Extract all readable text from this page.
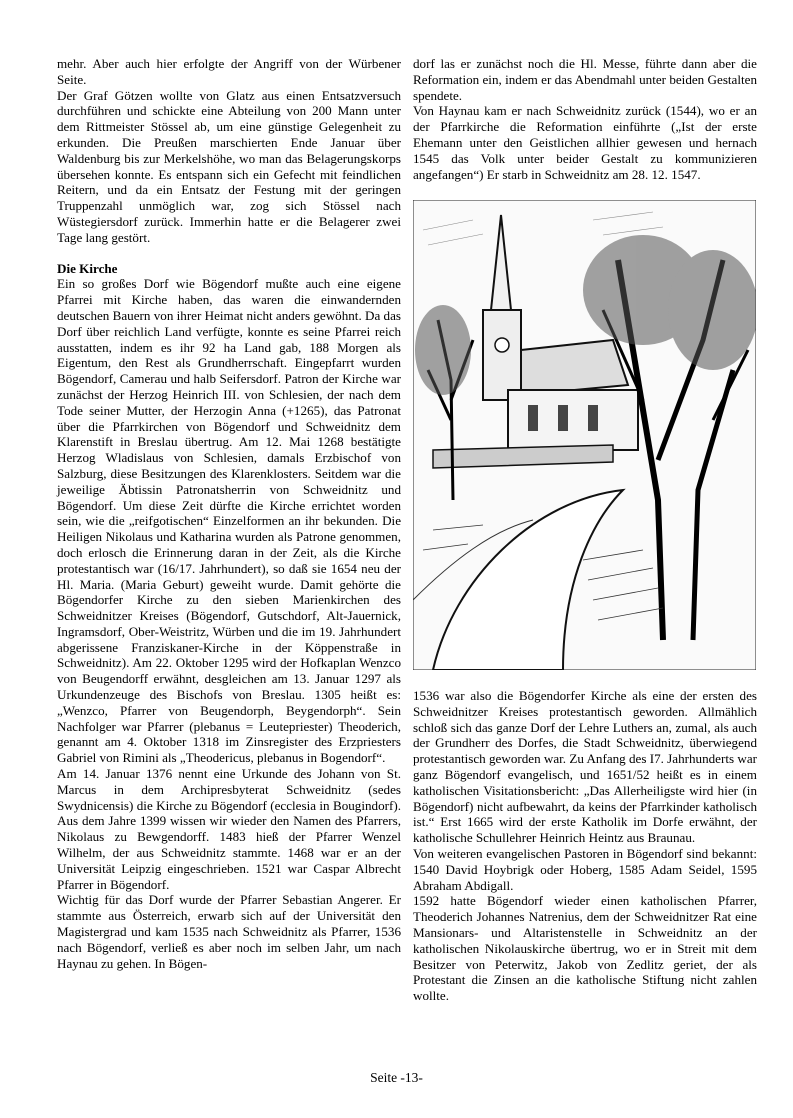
mehr. Aber auch hier erfolgte der Angriff von der Würbener Seite.

Der Graf Götzen wollte von Glatz aus einen Entsatzversuch durchführen und schickte eine Abteilung von 200 Mann unter dem Rittmeister Stössel ab, um eine günstige Gelegenheit zu erkunden. Die Preußen marschierten Ende Januar über Waldenburg bis zur Merkelshöhe, wo man das Belagerungskorps übersehen konnte. Es entspann sich ein Gefecht mit feindlichen Reitern, und da ein Entsatz der Festung mit der geringen Truppenzahl unmöglich war, zog sich Stössel nach Wüstegiersdorf zurück. Immerhin hatte er die Belagerer zwei Tage lang gestört.

Die Kirche

Ein so großes Dorf wie Bögendorf mußte auch eine eigene Pfarrei mit Kirche haben, das waren die einwandernden deutschen Bauern von ihrer Heimat nicht anders gewöhnt. Da das Dorf über reichlich Land verfügte, konnte es seine Pfarrei reich ausstatten, indem es ihr 92 ha Land gab, 188 Morgen als Eigentum, den Rest als Grundherrschaft. Eingepfarrt wurden Bögendorf, Camerau und halb Seifersdorf. Patron der Kirche war zunächst der Herzog Heinrich III. von Schlesien, der nach dem Tode seiner Mutter, der Herzogin Anna (+1265), das Patronat über die Pfarrkirchen von Bögendorf und Schweidnitz dem Klarenstift in Breslau übertrug. Am 12. Mai 1268 bestätigte Herzog Wladislaus von Schlesien, damals Erzbischof von Salzburg, diese Besitzungen des Klarenklosters. Seitdem war die jeweilige Äbtissin Patronatsherrin von Schweidnitz und Bögendorf. Um diese Zeit dürfte die Kirche errichtet worden sein, wie die „reifgotischen“ Einzelformen an ihr bekunden. Die Heiligen Nikolaus und Katharina wurden als Patrone genommen, doch erlosch die Erinnerung daran in der Zeit, als die Kirche protestantisch war (16/17. Jahrhundert), so daß sie 1654 neu der Hl. Maria. (Maria Geburt) geweiht wurde. Damit gehörte die Bögendorfer Kirche zu den sieben Marienkirchen des Schweidnitzer Kreises (Bögendorf, Gutschdorf, Alt-Jauernick, Ingramsdorf, Ober-Weistritz, Würben und die im 19. Jahrhundert abgerissene Franziskaner-Kirche in der Köppenstraße in Schweidnitz). Am 22. Oktober 1295 wird der Hofkaplan Wenzco von Beugendorff erwähnt, desgleichen am 13. Januar 1297 als Urkundenzeuge des Bischofs von Breslau. 1305 heißt es: „Wenzco, Pfarrer von Beugendorph, Beygendorph“. Sein Nachfolger war Pfarrer (plebanus = Leutepriester) Theoderich, genannt am 4. Oktober 1318 im Zinsregister des Erzpriesters Gabriel von Rimini als „Theodericus, plebanus in Bogendorf“.

Am 14. Januar 1376 nennt eine Urkunde des Johann von St. Marcus in dem Archipresbyterat Schweidnitz (sedes Swydnicensis) die Kirche zu Bögendorf (ecclesia in Bougindorf). Aus dem Jahre 1399 wissen wir wieder den Namen des Pfarrers, Nikolaus zu Bewgendorff. 1483 hieß der Pfarrer Wenzel Wilhelm, der aus Schweidnitz stammte. 1468 war er an der Universität Leipzig eingeschrieben. 1521 war Caspar Albrecht Pfarrer in Bögendorf.

Wichtig für das Dorf wurde der Pfarrer Sebastian Angerer. Er stammte aus Österreich, erwarb sich auf der Universität den Magistergrad und kam 1535 nach Schweidnitz als Pfarrer, 1536 nach Bögendorf, verließ es aber noch im selben Jahr, um nach Haynau zu gehen. In Bögen-

dorf las er zunächst noch die Hl. Messe, führte dann aber die Reformation ein, indem er das Abendmahl unter beiden Gestalten spendete.

Von Haynau kam er nach Schweidnitz zurück (1544), wo er an der Pfarrkirche die Reformation einführte („Ist der erste Ehemann unter den Geistlichen allhier gewesen und hernach 1545 das Volk unter beider Gestalt zu kommunizieren angefangen“) Er starb in Schweidnitz am 28. 12. 1547.

1536 war also die Bögendorfer Kirche als eine der ersten des Schweidnitzer Kreises protestantisch geworden. Allmählich schloß sich das ganze Dorf der Lehre Luthers an, zumal, als auch der Grundherr des Dorfes, die Stadt Schweidnitz, überwiegend protestantisch geworden war. Zu Anfang des I7. Jahrhunderts war ganz Bögendorf evangelisch, und 1651/52 heißt es in einem katholischen Visitationsbericht: „Das Allerheiligste wird hier (in Bögendorf) nicht aufbewahrt, da keins der Pfarrkinder katholisch ist.“ Erst 1665 wird der erste Katholik im Dorfe erwähnt, der katholische Schullehrer Heinrich Heintz aus Braunau.

Von weiteren evangelischen Pastoren in Bögendorf sind bekannt: 1540 David Hoybrigk oder Hoberg, 1585 Adam Seidel, 1595 Abraham Abdigall.

1592 hatte Bögendorf wieder einen katholischen Pfarrer, Theoderich Johannes Natrenius, dem der Schweidnitzer Rat eine Mansionars- und Altaristenstelle in Schweidnitz an der katholischen Nikolauskirche übertrug, wo er in Streit mit dem Besitzer von Peterwitz, Jakob von Zedlitz geriet, der als Protestant die Zinsen an die katholische Stiftung nicht zahlen wollte.

Seite -13-
